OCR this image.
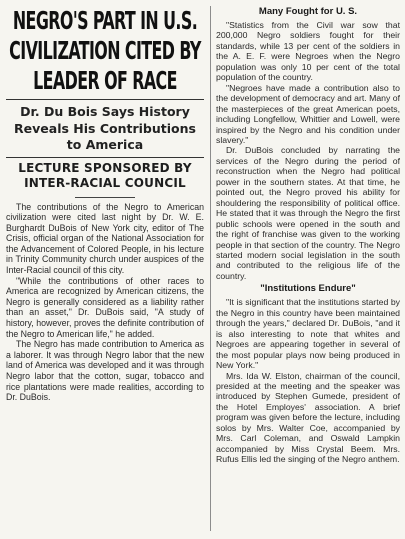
NEGRO'S PART IN U.S. CIVILIZATION CITED BY LEADER OF RACE
Dr. Du Bois Says History Reveals His Contributions to America
LECTURE SPONSORED BY INTER-RACIAL COUNCIL

The contributions of the Negro to American civilization were cited last night by Dr. W. E. Burghardt DuBois of New York city, editor of The Crisis, official organ of the National Association for the Advancement of Colored People, in his lecture in Trinity Community church under auspices of the Inter-Racial council of this city.

"While the contributions of other races to America are recognized by American citizens, the Negro is generally considered as a liability rather than an asset," Dr. DuBois said, "A study of history, however, proves the definite contribution of the Negro to American life," he added.

The Negro has made contribution to America as a laborer. It was through Negro labor that the new land of America was developed and it was through Negro labor that the cotton, sugar, tobacco and rice plantations were made realities, according to Dr. DuBois.

Many Fought for U. S.

"Statistics from the Civil war sow that 200,000 Negro soldiers fought for their standards, while 13 per cent of the soldiers in the A. E. F. were Negroes when the Negro population was only 10 per cent of the total population of the country.

"Negroes have made a contribution also to the development of democracy and art. Many of the masterpieces of the great American poets, including Longfellow, Whittier and Lowell, were inspired by the Negro and his condition under slavery."

Dr. DuBois concluded by narrating the services of the Negro during the period of reconstruction when the Negro had political power in the southern states. At that time, he pointed out, the Negro proved his ability for shouldering the responsibility of political office. He stated that it was through the Negro the first public schools were opened in the south and the right of franchise was given to the working people in that section of the country. The Negro started modern social legislation in the south and contributed to the religious life of the country.

"Institutions Endure"

"It is significant that the institutions started by the Negro in this country have been maintained through the years," declared Dr. DuBois, "and it is also interesting to note that whites and Negroes are appearing together in several of the most popular plays now being produced in New York."

Mrs. Ida W. Elston, chairman of the council, presided at the meeting and the speaker was introduced by Stephen Gumede, president of the Hotel Employes' association. A brief program was given before the lecture, including solos by Mrs. Walter Coe, accompanied by Mrs. Carl Coleman, and Oswald Lampkin accompanied by Miss Crystal Beem. Mrs. Rufus Ellis led the singing of the Negro anthem.
